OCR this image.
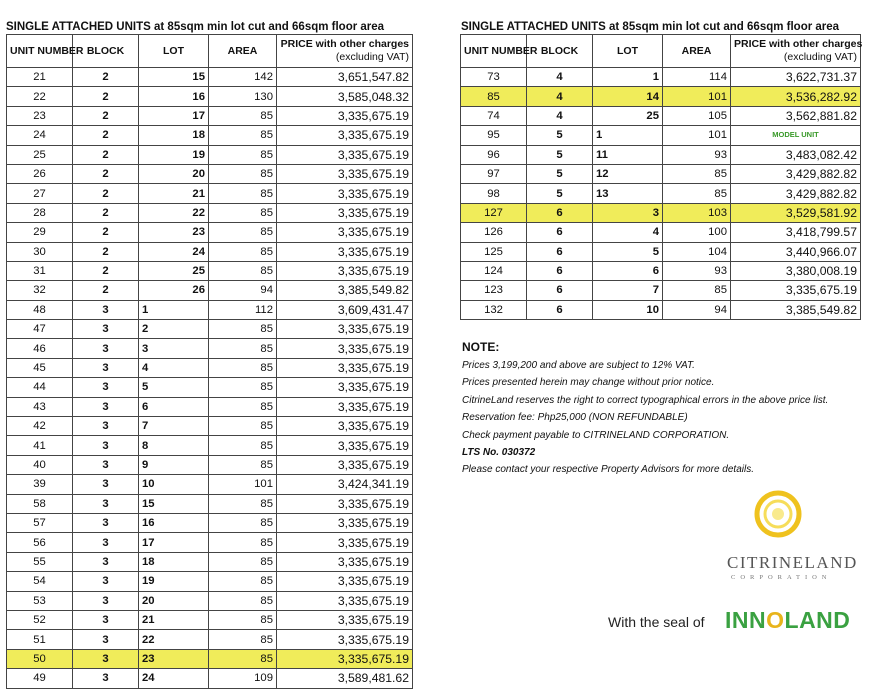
SINGLE ATTACHED UNITS at 85sqm min lot cut and 66sqm floor area
UNIT NUMBER	BLOCK	LOT	AREA	PRICE with other charges
(excluding VAT)
21	2	15	142	3,651,547.82
22	2	16	130	3,585,048.32
23	2	17	85	3,335,675.19
24	2	18	85	3,335,675.19
25	2	19	85	3,335,675.19
26	2	20	85	3,335,675.19
27	2	21	85	3,335,675.19
28	2	22	85	3,335,675.19
29	2	23	85	3,335,675.19
30	2	24	85	3,335,675.19
31	2	25	85	3,335,675.19
32	2	26	94	3,385,549.82
48	3	1	112	3,609,431.47
47	3	2	85	3,335,675.19
46	3	3	85	3,335,675.19
45	3	4	85	3,335,675.19
44	3	5	85	3,335,675.19
43	3	6	85	3,335,675.19
42	3	7	85	3,335,675.19
41	3	8	85	3,335,675.19
40	3	9	85	3,335,675.19
39	3	10	101	3,424,341.19
58	3	15	85	3,335,675.19
57	3	16	85	3,335,675.19
56	3	17	85	3,335,675.19
55	3	18	85	3,335,675.19
54	3	19	85	3,335,675.19
53	3	20	85	3,335,675.19
52	3	21	85	3,335,675.19
51	3	22	85	3,335,675.19
50	3	23	85	3,335,675.19
49	3	24	109	3,589,481.62
SINGLE ATTACHED UNITS at 85sqm min lot cut and 66sqm floor area
UNIT NUMBER	BLOCK	LOT	AREA	PRICE with other charges
(excluding VAT)
73	4	1	114	3,622,731.37
85	4	14	101	3,536,282.92
74	4	25	105	3,562,881.82
95	5	1	101	MODEL UNIT

96	5	11	93	3,483,082.42
97	5	12	85	3,429,882.82
98	5	13	85	3,429,882.82
127	6	3	103	3,529,581.92
126	6	4	100	3,418,799.57
125	6	5	104	3,440,966.07
124	6	6	93	3,380,008.19
123	6	7	85	3,335,675.19
132	6	10	94	3,385,549.82
NOTE:
Prices 3,199,200 and above are subject to 12% VAT.
Prices presented herein may change without prior notice.
CitrineLand reserves the right to correct typographical errors in the above price list.
Reservation fee: Php25,000 (NON REFUNDABLE)
Check payment payable to CITRINELAND CORPORATION.
LTS No. 030372
Please contact your respective Property Advisors for more details.
CITRINELAND
CORPORATION
With the seal of INNOLAND
